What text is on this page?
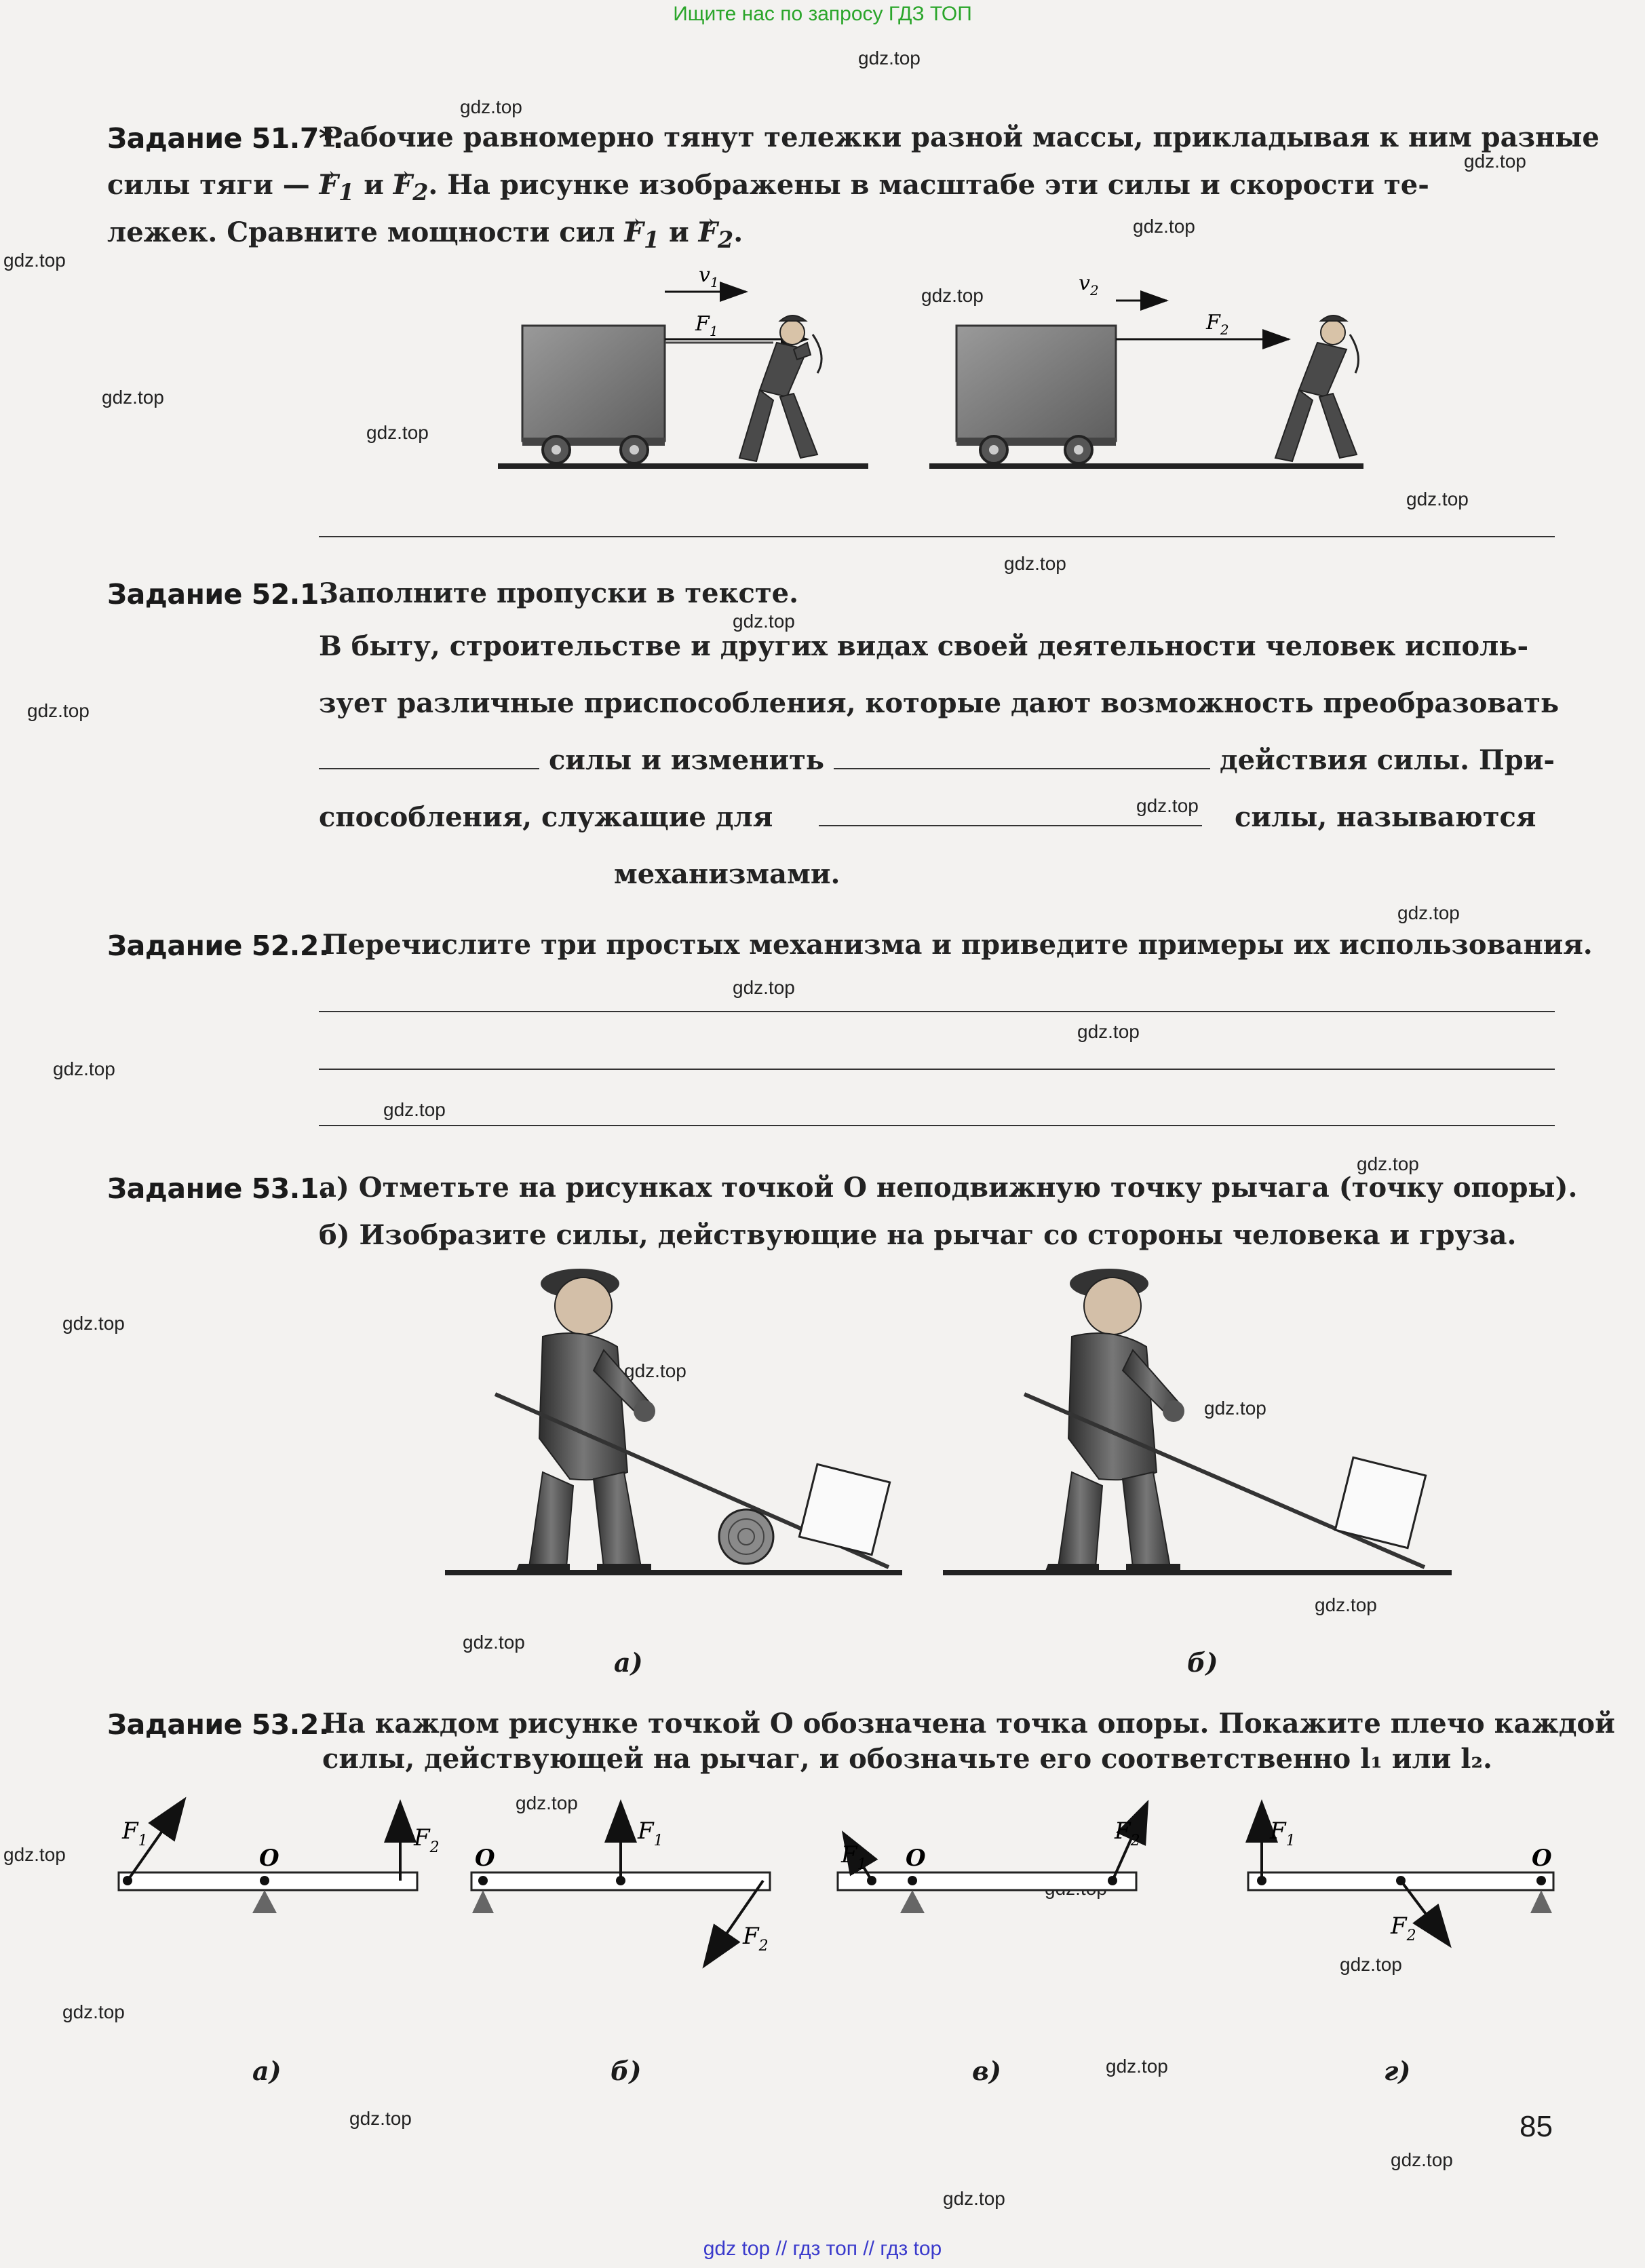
Ищите нас по запросу ГДЗ ТОП
gdz top // гдз топ // гдз top
gdz.top
gdz.top
gdz.top
gdz.top
gdz.top
gdz.top
gdz.top
gdz.top
gdz.top
gdz.top
gdz.top
gdz.top
gdz.top
gdz.top
gdz.top
gdz.top
gdz.top
gdz.top
gdz.top
gdz.top
gdz.top
gdz.top
gdz.top
gdz.top
gdz.top
gdz.top
gdz.top
gdz.top
gdz.top
gdz.top
gdz.top
gdz.top
Задание 51.7*.
Рабочие равномерно тянут тележки разной массы, прикладывая к ним разные
силы тяги — → $F_1$ $и \to F_2$. На рисунке изображены в масштабе эти силы и скорости те-
лежек. Сравните мощности сил → $F_1$ $и \to F_2$.
$v_1$
$F_1$
$v_2$
$F_2$
Задание 52.1.
Заполните пропуски в тексте.
В быту, строительстве и других видах своей деятельности человек исполь-
зует различные приспособления, которые дают возможность преобразовать
силы и изменить	действия силы. При-
способления, служащие для	силы, называются
механизмами.
Задание 52.2.
Перечислите три простых механизма и приведите примеры их использования.
Задание 53.1.
а) Отметьте на рисунках точкой O неподвижную точку рычага (точку опоры).
б) Изобразите силы, действующие на рычаг со стороны человека и груза.
а)	б)
Задание 53.2.
На каждом рисунке точкой O обозначена точка опоры. Покажите плечо каждой
силы, действующей на рычаг, и обозначьте его соответственно l₁ или l₂.
$F_1$	$F_2$
O
$F_1$
$F_2$
O	$F_1$
$F_2$
O
$F_1$
$F_2$
O
а)	б)	в)	г)
85
